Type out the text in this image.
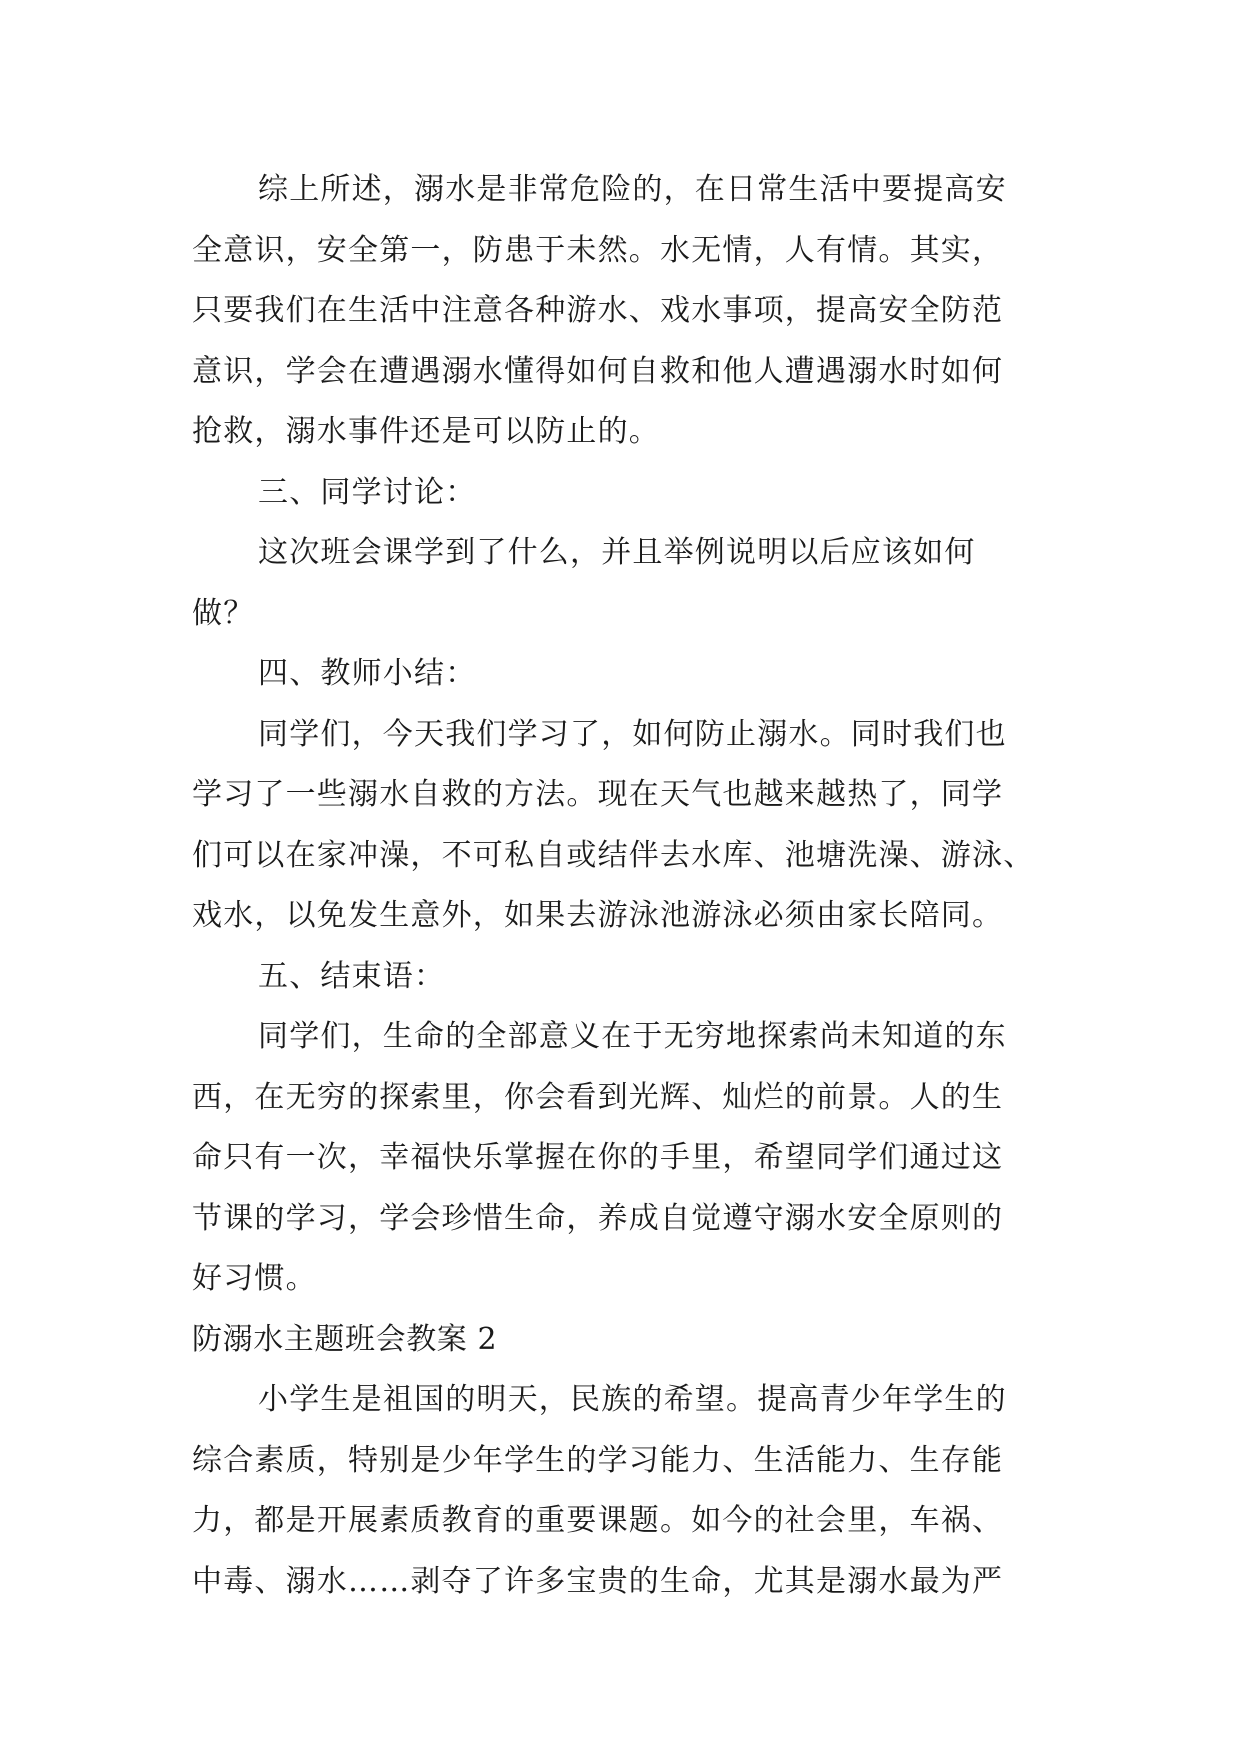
综上所述，溺水是非常危险的，在日常生活中要提高安
全意识，安全第一，防患于未然。水无情，人有情。其实，
只要我们在生活中注意各种游水、戏水事项，提高安全防范
意识，学会在遭遇溺水懂得如何自救和他人遭遇溺水时如何
抢救，溺水事件还是可以防止的。
三、同学讨论：
这次班会课学到了什么，并且举例说明以后应该如何
做？
四、教师小结：
同学们，今天我们学习了，如何防止溺水。同时我们也
学习了一些溺水自救的方法。现在天气也越来越热了，同学
们可以在家冲澡，不可私自或结伴去水库、池塘洗澡、游泳、
戏水，以免发生意外，如果去游泳池游泳必须由家长陪同。
五、结束语：
同学们，生命的全部意义在于无穷地探索尚未知道的东
西，在无穷的探索里，你会看到光辉、灿烂的前景。人的生
命只有一次，幸福快乐掌握在你的手里，希望同学们通过这
节课的学习，学会珍惜生命，养成自觉遵守溺水安全原则的
好习惯。
防溺水主题班会教案 2
小学生是祖国的明天，民族的希望。提高青少年学生的
综合素质，特别是少年学生的学习能力、生活能力、生存能
力，都是开展素质教育的重要课题。如今的社会里，车祸、
中毒、溺水……剥夺了许多宝贵的生命，尤其是溺水最为严
